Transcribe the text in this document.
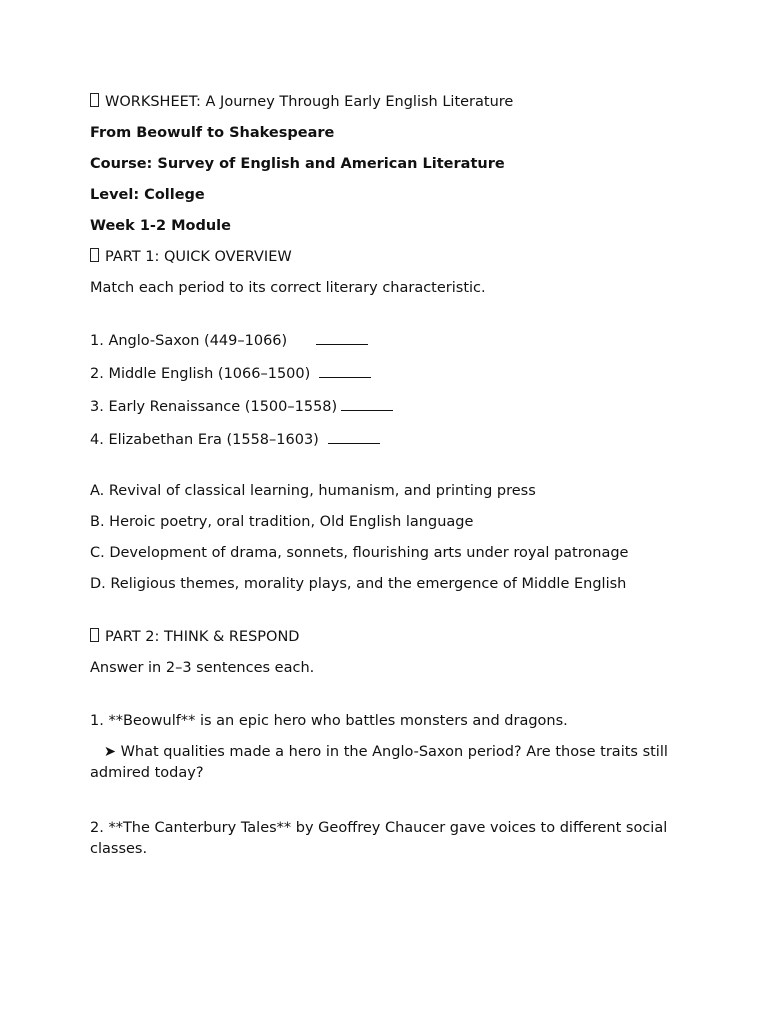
WORKSHEET: A Journey Through Early English Literature
From Beowulf to Shakespeare
Course: Survey of English and American Literature
Level: College
Week 1-2 Module
PART 1: QUICK OVERVIEW
Match each period to its correct literary characteristic.
1. Anglo-Saxon (449–1066)
2. Middle English (1066–1500)
3. Early Renaissance (1500–1558)
4. Elizabethan Era (1558–1603)
A. Revival of classical learning, humanism, and printing press
B. Heroic poetry, oral tradition, Old English language
C. Development of drama, sonnets, flourishing arts under royal patronage
D. Religious themes, morality plays, and the emergence of Middle English
PART 2: THINK & RESPOND
Answer in 2–3 sentences each.
1. **Beowulf** is an epic hero who battles monsters and dragons.
➤ What qualities made a hero in the Anglo-Saxon period? Are those traits still admired today?
2. **The Canterbury Tales** by Geoffrey Chaucer gave voices to different social classes.
